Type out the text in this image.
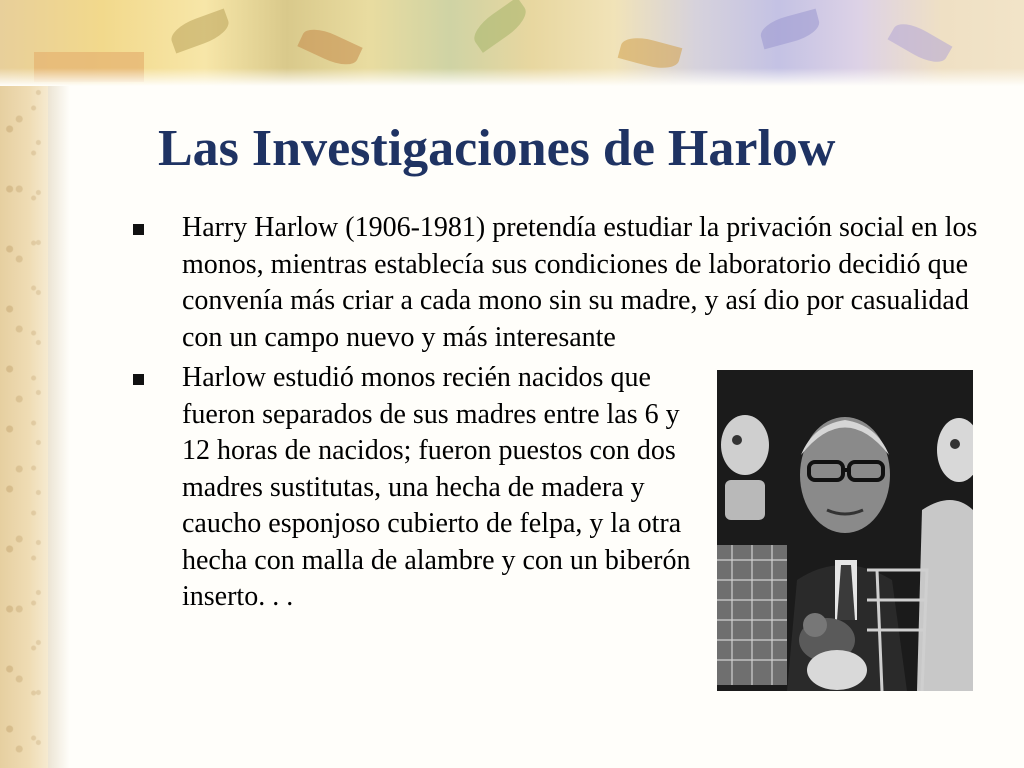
Las Investigaciones de Harlow
Harry Harlow (1906-1981) pretendía estudiar la privación social en los monos, mientras establecía sus condiciones de laboratorio decidió que convenía más criar a cada mono sin su madre, y así dio por casualidad con un campo nuevo y más interesante
Harlow estudió monos recién nacidos que fueron separados de sus madres entre las 6 y 12 horas de nacidos; fueron puestos con dos madres sustitutas, una hecha de madera y caucho esponjoso cubierto de felpa, y la otra hecha con malla de alambre y con un biberón inserto. . .
